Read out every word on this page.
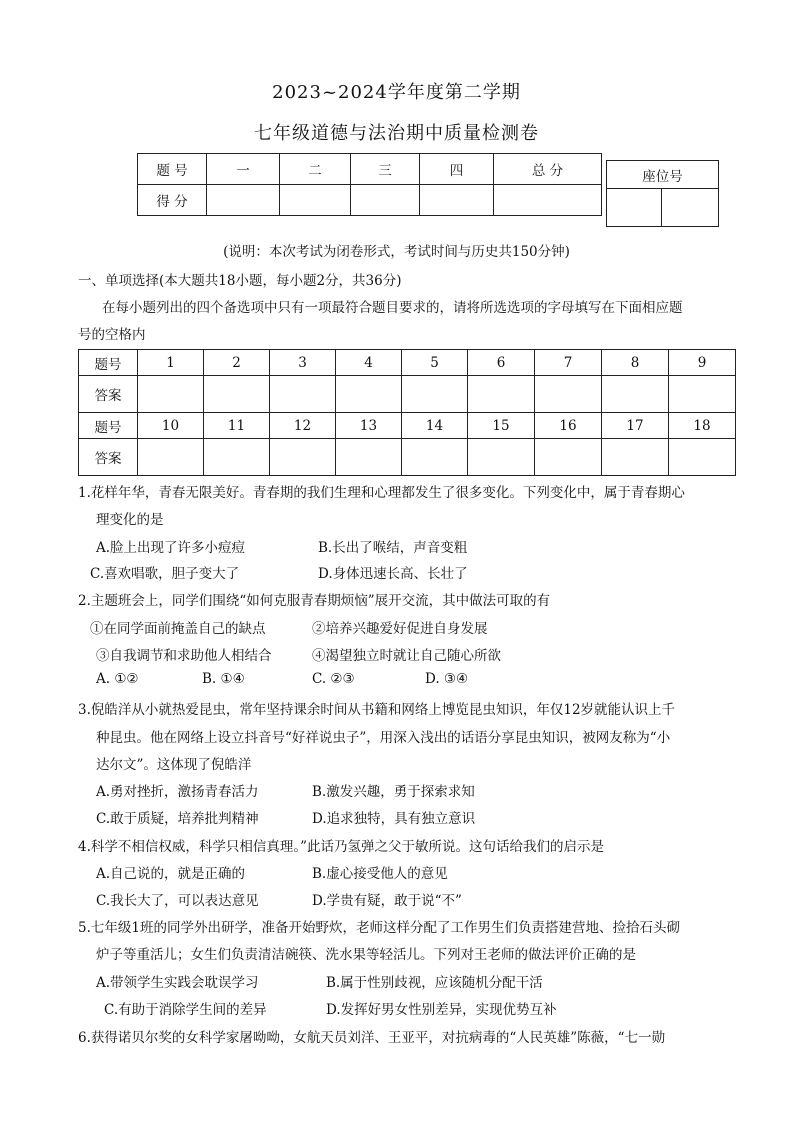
2023~2024学年度第二学期
七年级道德与法治期中质量检测卷
题 号	一	二	三	四	总 分
得 分					
座位号

(说明：本次考试为闭卷形式，考试时间与历史共150分钟)
一、单项选择(本大题共18小题，每小题2分，共36分)
在每小题列出的四个备选项中只有一项最符合题目要求的，请将所选选项的字母填写在下面相应题
号的空格内
题号	1	2	3	4	5	6	7	8	9
答案									
题号	10	11	12	13	14	15	16	17	18
答案									
1.花样年华，青春无限美好。青春期的我们生理和心理都发生了很多变化。下列变化中，属于青春期心
理变化的是
A.脸上出现了许多小痘痘	B.长出了喉结，声音变粗
C.喜欢唱歌，胆子变大了	D.身体迅速长高、长壮了
2.主题班会上，同学们围绕“如何克服青春期烦恼”展开交流，其中做法可取的有
①在同学面前掩盖自己的缺点	②培养兴趣爱好促进自身发展
③自我调节和求助他人相结合	④渴望独立时就让自己随心所欲
A. ①②	B. ①④	C. ②③	D. ③④
3.倪皓洋从小就热爱昆虫，常年坚持课余时间从书籍和网络上博览昆虫知识，年仅12岁就能认识上千
种昆虫。他在网络上设立抖音号“好祥说虫子”，用深入浅出的话语分享昆虫知识，被网友称为“小
达尔文”。这体现了倪皓洋
A.勇对挫折，激扬青春活力	B.激发兴趣，勇于探索求知
C.敢于质疑，培养批判精神	D.追求独特，具有独立意识
4.科学不相信权威，科学只相信真理。”此话乃氢弹之父于敏所说。这句话给我们的启示是
A.自己说的，就是正确的	B.虚心接受他人的意见
C.我长大了，可以表达意见	D.学贵有疑，敢于说“不”
5.七年级1班的同学外出研学，准备开始野炊，老师这样分配了工作男生们负责搭建营地、捡拾石头砌
炉子等重活儿；女生们负责清洁碗筷、洗水果等轻活儿。下列对王老师的做法评价正确的是
A.带领学生实践会耽误学习	B.属于性别歧视，应该随机分配干活
C.有助于消除学生间的差异	D.发挥好男女性别差异，实现优势互补
6.获得诺贝尔奖的女科学家屠呦呦，女航天员刘洋、王亚平，对抗病毒的“人民英雄”陈薇，“七一勋
